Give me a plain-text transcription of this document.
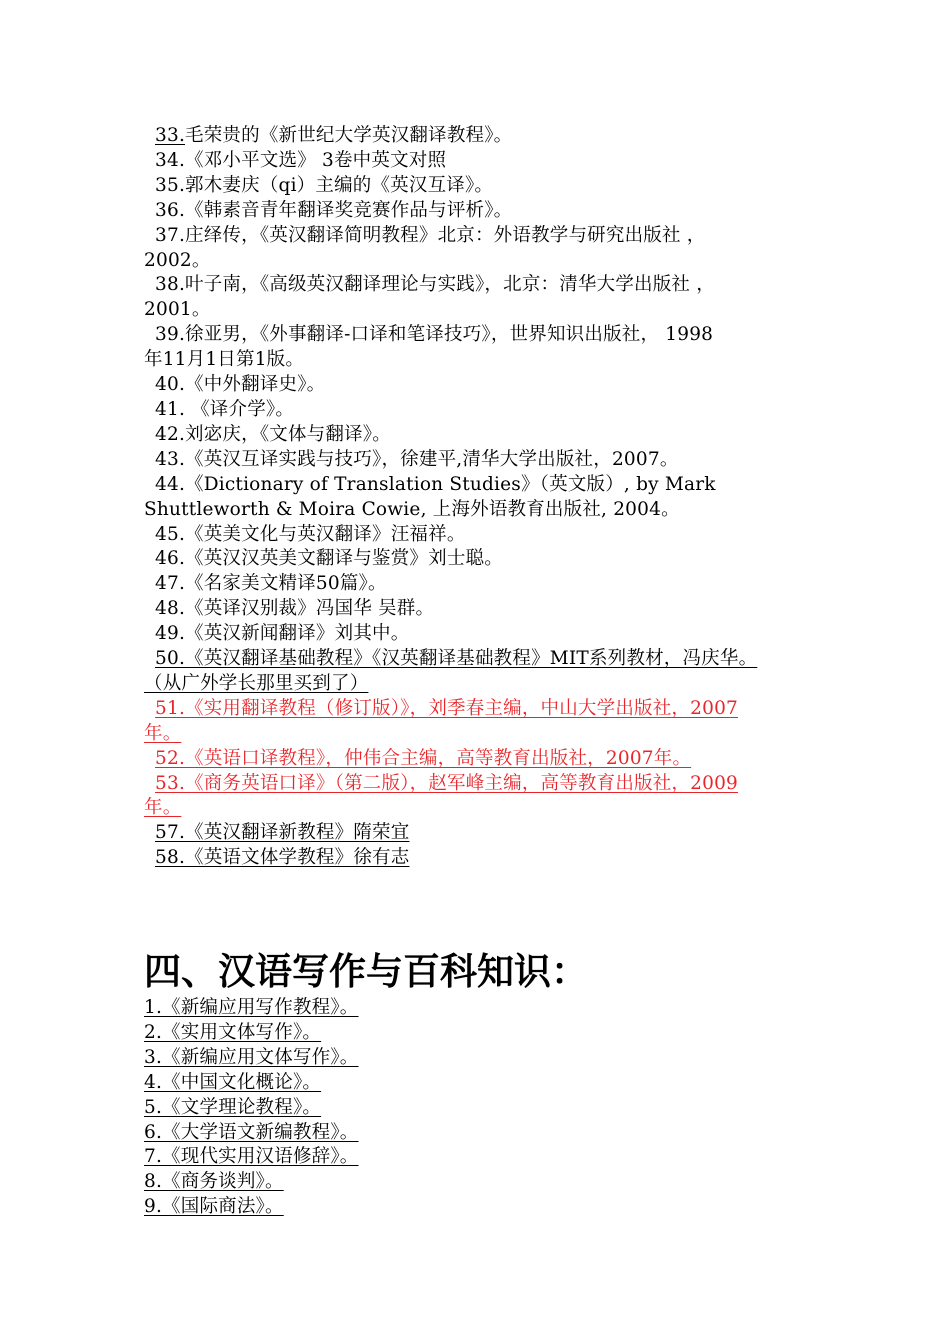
33.毛荣贵的《新世纪大学英汉翻译教程》。
34.《邓小平文选》 3卷中英文对照
35.郭木妻庆（qi）主编的《英汉互译》。
36.《韩素音青年翻译奖竞赛作品与评析》。
37.庄绎传，《英汉翻译简明教程》北京：外语教学与研究出版社 ，
2002。
38.叶子南，《高级英汉翻译理论与实践》，北京：清华大学出版社 ，
2001。
39.徐亚男，《外事翻译-口译和笔译技巧》，世界知识出版社， 1998
年11月1日第1版。
40.《中外翻译史》。
41. 《译介学》。
42.刘宓庆，《文体与翻译》。
43.《英汉互译实践与技巧》，徐建平,清华大学出版社，2007。
44.《Dictionary of Translation Studies》（英文版）, by Mark
Shuttleworth & Moira Cowie, 上海外语教育出版社, 2004。
45.《英美文化与英汉翻译》汪福祥。
46.《英汉汉英美文翻译与鉴赏》刘士聪。
47.《名家美文精译50篇》。
48.《英译汉别裁》冯国华 吴群。
49.《英汉新闻翻译》刘其中。
50.《英汉翻译基础教程》《汉英翻译基础教程》MIT系列教材，冯庆华。
（从广外学长那里买到了）
51.《实用翻译教程（修订版）》，刘季春主编，中山大学出版社，2007
年。
52.《英语口译教程》，仲伟合主编，高等教育出版社，2007年。
53.《商务英语口译》（第二版），赵军峰主编，高等教育出版社，2009
年。
57.《英汉翻译新教程》隋荣宜
58.《英语文体学教程》徐有志
四、汉语写作与百科知识：
1.《新编应用写作教程》。
2.《实用文体写作》。
3.《新编应用文体写作》。
4.《中国文化概论》。
5.《文学理论教程》。
6.《大学语文新编教程》。
7.《现代实用汉语修辞》。
8.《商务谈判》。
9.《国际商法》。
